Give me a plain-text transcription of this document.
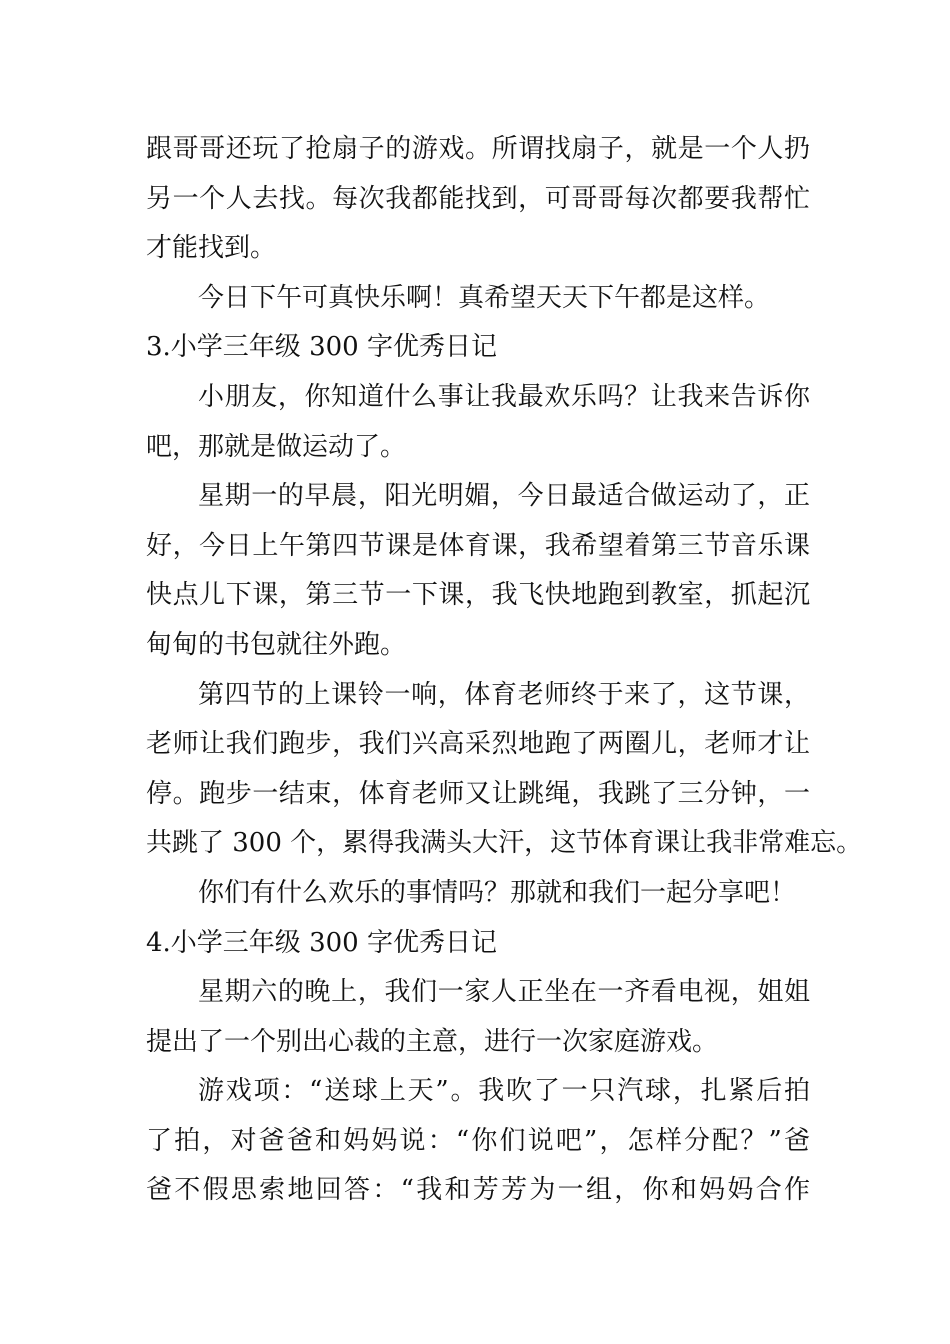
跟哥哥还玩了抢扇子的游戏。所谓找扇子，就是一个人扔
另一个人去找。每次我都能找到，可哥哥每次都要我帮忙
才能找到。
今日下午可真快乐啊！真希望天天下午都是这样。
3.小学三年级 300 字优秀日记
小朋友，你知道什么事让我最欢乐吗？让我来告诉你
吧，那就是做运动了。
星期一的早晨，阳光明媚，今日最适合做运动了，正
好，今日上午第四节课是体育课，我希望着第三节音乐课
快点儿下课，第三节一下课，我飞快地跑到教室，抓起沉
甸甸的书包就往外跑。
第四节的上课铃一响，体育老师终于来了，这节课，
老师让我们跑步，我们兴高采烈地跑了两圈儿，老师才让
停。跑步一结束，体育老师又让跳绳，我跳了三分钟，一
共跳了 300 个，累得我满头大汗，这节体育课让我非常难忘。
你们有什么欢乐的事情吗？那就和我们一起分享吧！
4.小学三年级 300 字优秀日记
星期六的晚上，我们一家人正坐在一齐看电视，姐姐
提出了一个别出心裁的主意，进行一次家庭游戏。
游戏项：“送球上天”。我吹了一只汽球，扎紧后拍
了拍，对爸爸和妈妈说：“你们说吧”，怎样分配？”爸
爸不假思索地回答：“我和芳芳为一组，你和妈妈合作
